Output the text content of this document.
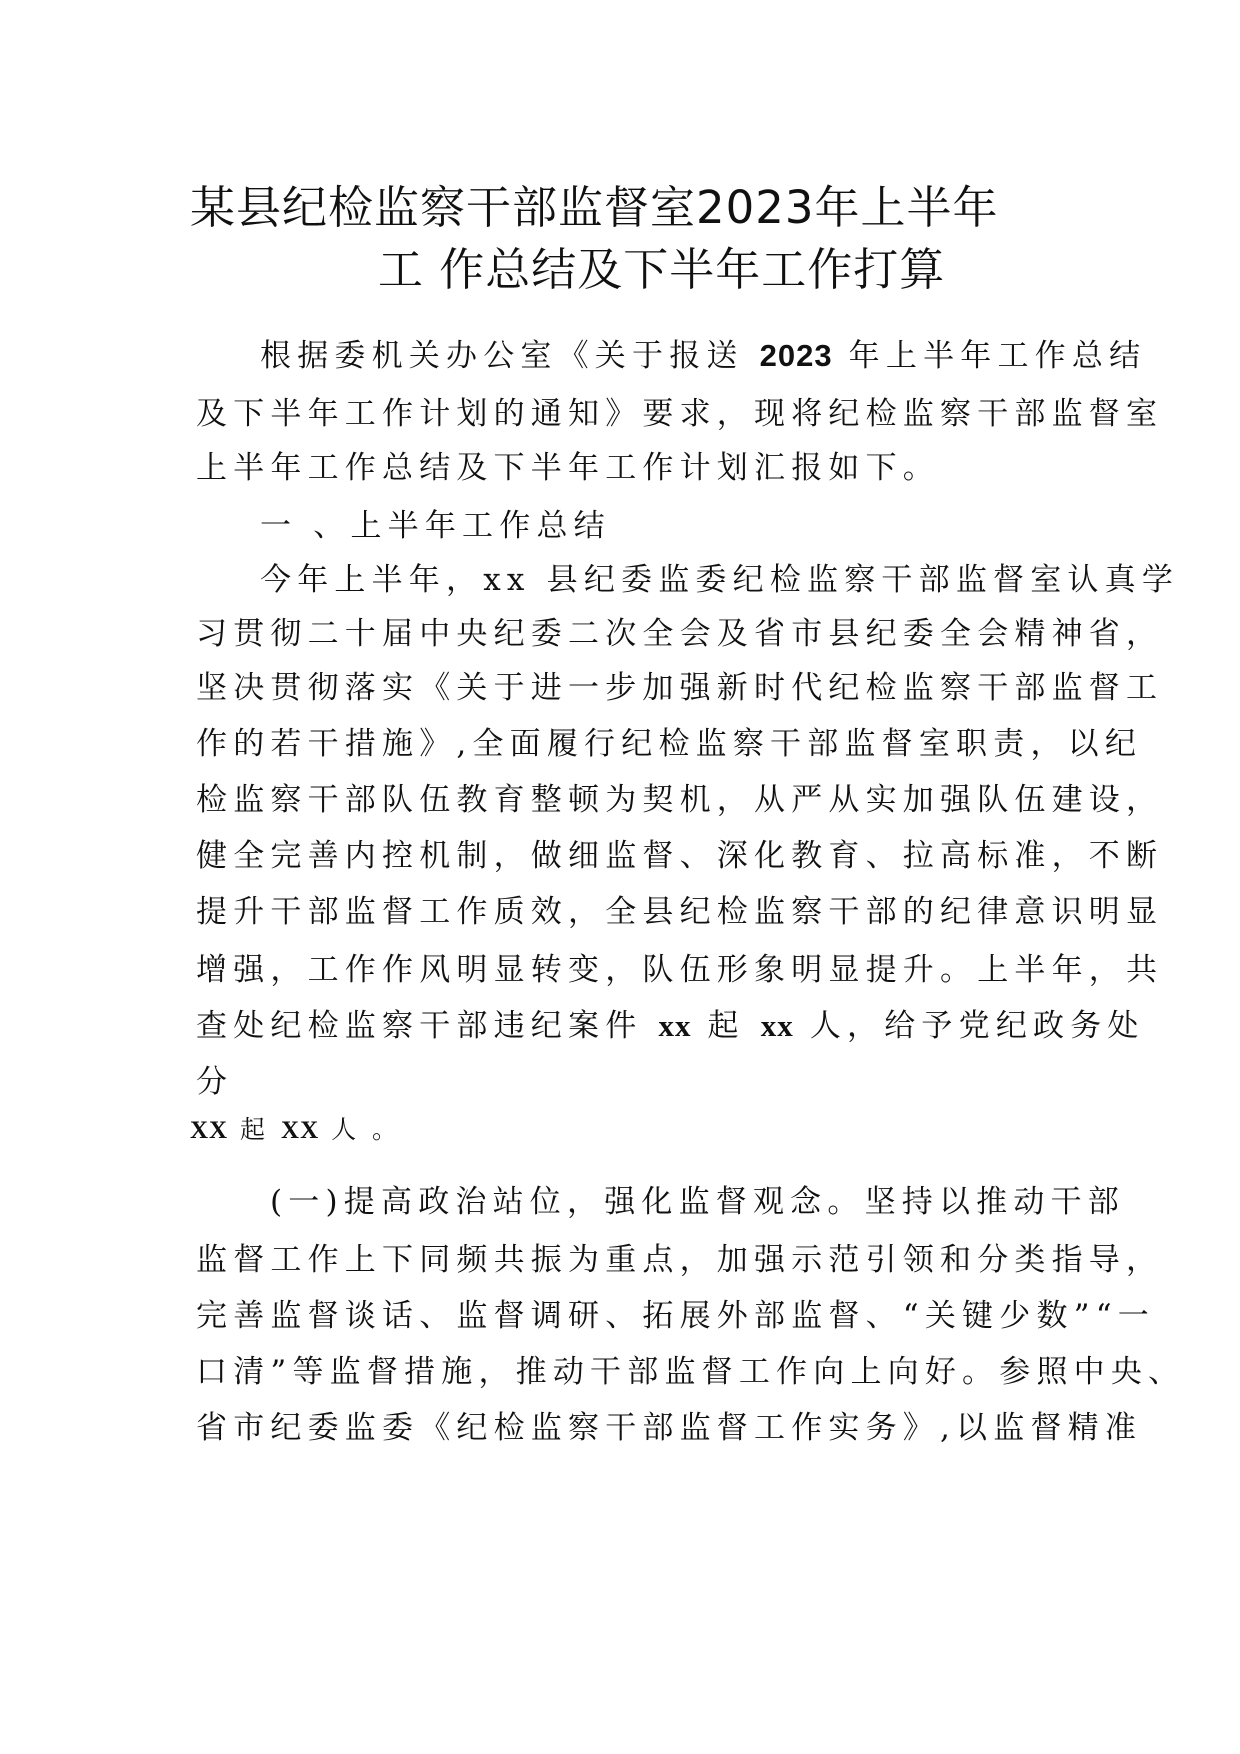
某县纪检监察干部监督室2023年上半年
工 作总结及下半年工作打算
根据委机关办公室《关于报送 2023 年上半年工作总结
及下半年工作计划的通知》要求，现将纪检监察干部监督室
上半年工作总结及下半年工作计划汇报如下。
一 、上半年工作总结
今年上半年，xx 县纪委监委纪检监察干部监督室认真学
习贯彻二十届中央纪委二次全会及省市县纪委全会精神省，
坚决贯彻落实《关于进一步加强新时代纪检监察干部监督工
作的若干措施》,全面履行纪检监察干部监督室职责，以纪
检监察干部队伍教育整顿为契机，从严从实加强队伍建设，
健全完善内控机制，做细监督、深化教育、拉高标准，不断
提升干部监督工作质效，全县纪检监察干部的纪律意识明显
增强，工作作风明显转变，队伍形象明显提升。上半年，共
查处纪检监察干部违纪案件 xx 起 xx 人，给予党纪政务处
分
XX 起 XX 人 。
(一)提高政治站位，强化监督观念。坚持以推动干部
监督工作上下同频共振为重点，加强示范引领和分类指导，
完善监督谈话、监督调研、拓展外部监督、“关键少数”“一
口清”等监督措施，推动干部监督工作向上向好。参照中央、
省市纪委监委《纪检监察干部监督工作实务》,以监督精准
